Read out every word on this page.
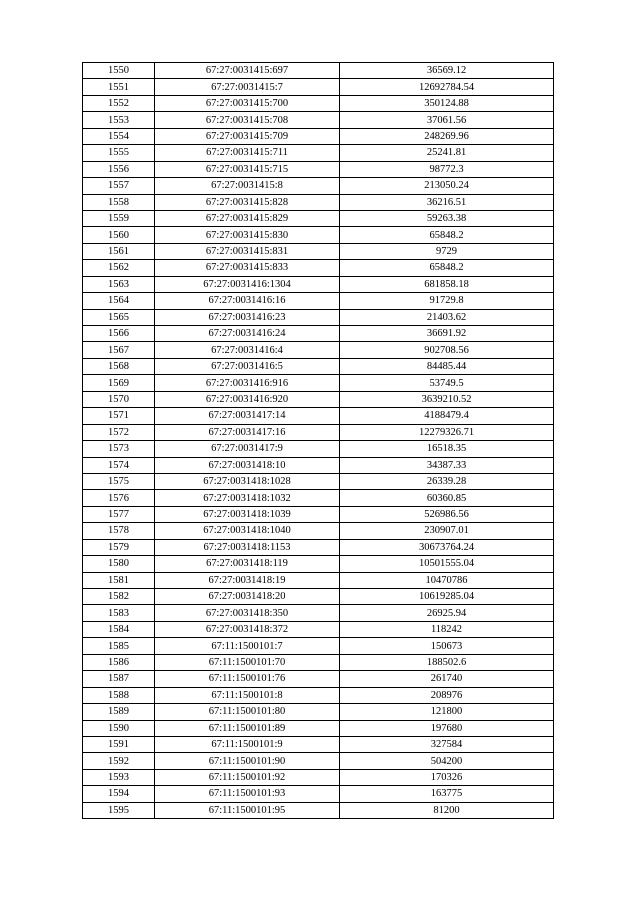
1550	67:27:0031415:697	36569.12
1551	67:27:0031415:7	12692784.54
1552	67:27:0031415:700	350124.88
1553	67:27:0031415:708	37061.56
1554	67:27:0031415:709	248269.96
1555	67:27:0031415:711	25241.81
1556	67:27:0031415:715	98772.3
1557	67:27:0031415:8	213050.24
1558	67:27:0031415:828	36216.51
1559	67:27:0031415:829	59263.38
1560	67:27:0031415:830	65848.2
1561	67:27:0031415:831	9729
1562	67:27:0031415:833	65848.2
1563	67:27:0031416:1304	681858.18
1564	67:27:0031416:16	91729.8
1565	67:27:0031416:23	21403.62
1566	67:27:0031416:24	36691.92
1567	67:27:0031416:4	902708.56
1568	67:27:0031416:5	84485.44
1569	67:27:0031416:916	53749.5
1570	67:27:0031416:920	3639210.52
1571	67:27:0031417:14	4188479.4
1572	67:27:0031417:16	12279326.71
1573	67:27:0031417:9	16518.35
1574	67:27:0031418:10	34387.33
1575	67:27:0031418:1028	26339.28
1576	67:27:0031418:1032	60360.85
1577	67:27:0031418:1039	526986.56
1578	67:27:0031418:1040	230907.01
1579	67:27:0031418:1153	30673764.24
1580	67:27:0031418:119	10501555.04
1581	67:27:0031418:19	10470786
1582	67:27:0031418:20	10619285.04
1583	67:27:0031418:350	26925.94
1584	67:27:0031418:372	118242
1585	67:11:1500101:7	150673
1586	67:11:1500101:70	188502.6
1587	67:11:1500101:76	261740
1588	67:11:1500101:8	208976
1589	67:11:1500101:80	121800
1590	67:11:1500101:89	197680
1591	67:11:1500101:9	327584
1592	67:11:1500101:90	504200
1593	67:11:1500101:92	170326
1594	67:11:1500101:93	163775
1595	67:11:1500101:95	81200
